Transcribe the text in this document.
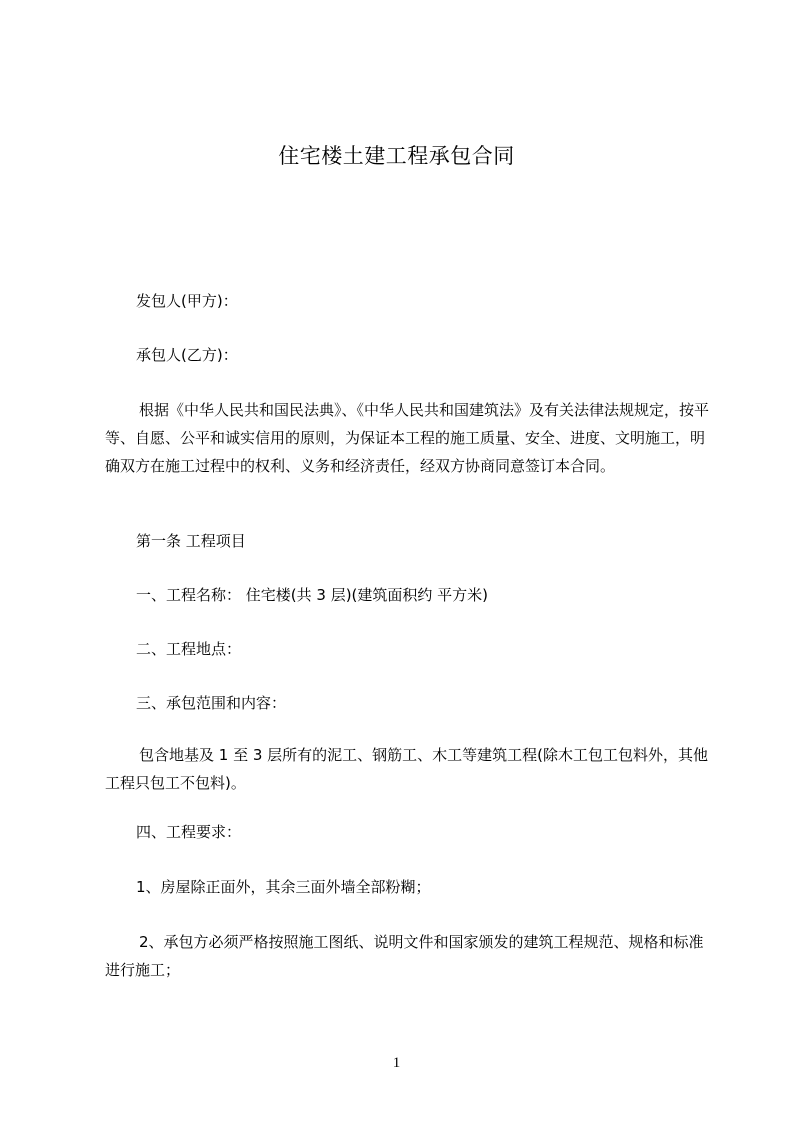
住宅楼土建工程承包合同

发包人(甲方)：

承包人(乙方)：

根据《中华人民共和国民法典》、《中华人民共和国建筑法》及有关法律法规规定，按平等、自愿、公平和诚实信用的原则，为保证本工程的施工质量、安全、进度、文明施工，明确双方在施工过程中的权利、义务和经济责任，经双方协商同意签订本合同。

第一条 工程项目

一、工程名称： 住宅楼(共 3 层)(建筑面积约 平方米)

二、工程地点：

三、承包范围和内容：

包含地基及 1 至 3 层所有的泥工、钢筋工、木工等建筑工程(除木工包工包料外，其他工程只包工不包料)。

四、工程要求：

1、房屋除正面外，其余三面外墙全部粉糊；

2、承包方必须严格按照施工图纸、说明文件和国家颁发的建筑工程规范、规格和标准进行施工；

1
